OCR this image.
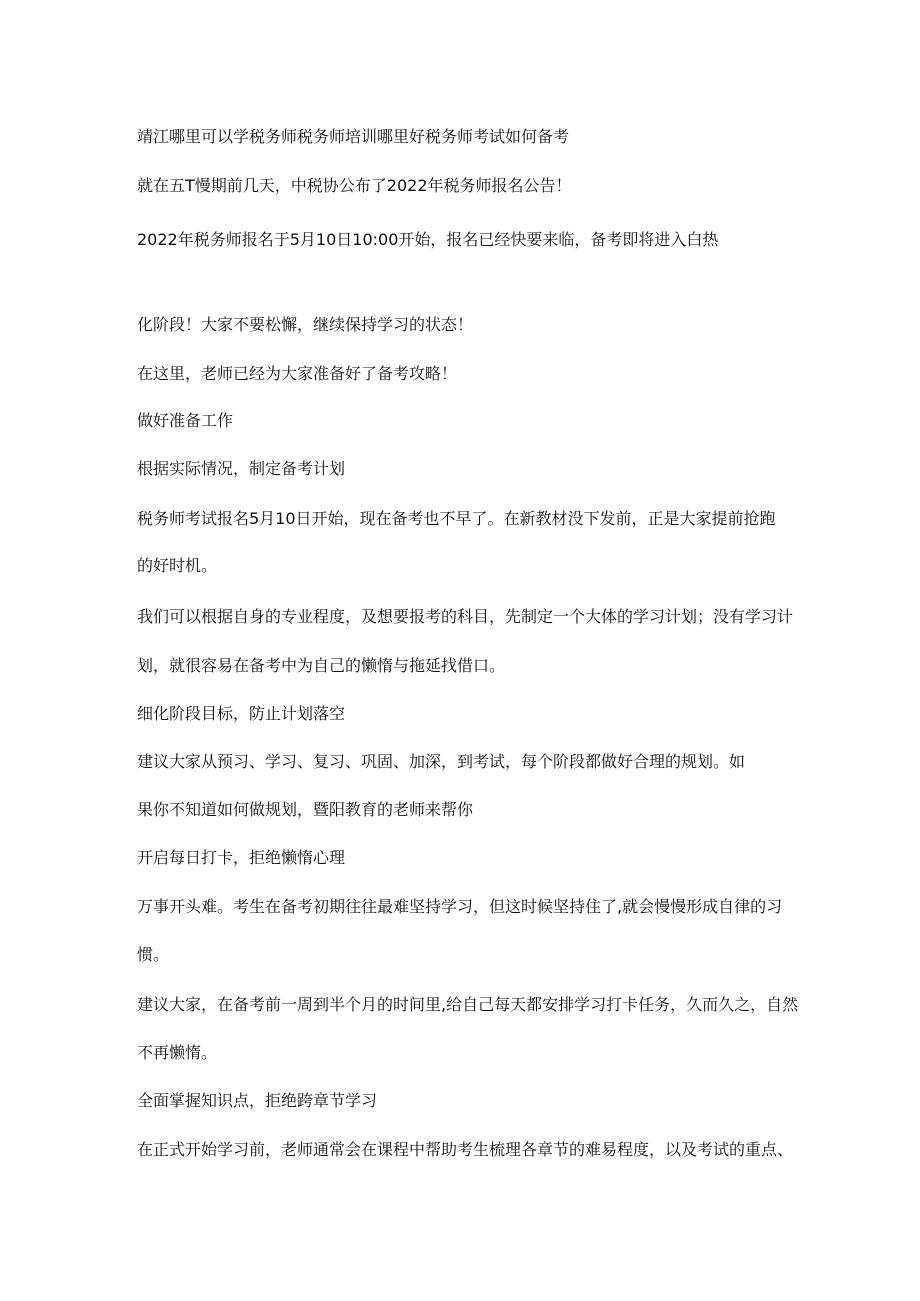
靖江哪里可以学税务师税务师培训哪里好税务师考试如何备考

就在五T慢期前几天，中税协公布了2022年税务师报名公告！

2022年税务师报名于5月10日10:00开始，报名已经快要来临，备考即将进入白热

化阶段！大家不要松懈，继续保持学习的状态！

在这里，老师已经为大家准备好了备考攻略！

做好准备工作

根据实际情况，制定备考计划

税务师考试报名5月10日开始，现在备考也不早了。在新教材没下发前，正是大家提前抢跑

的好时机。

我们可以根据自身的专业程度，及想要报考的科目，先制定一个大体的学习计划；没有学习计

划，就很容易在备考中为自己的懒惰与拖延找借口。

细化阶段目标，防止计划落空

建议大家从预习、学习、复习、巩固、加深，到考试，每个阶段都做好合理的规划。如

果你不知道如何做规划，暨阳教育的老师来帮你

开启每日打卡，拒绝懒惰心理

万事开头难。考生在备考初期往往最难坚持学习，但这时候坚持住了,就会慢慢形成自律的习

惯。

建议大家，在备考前一周到半个月的时间里,给自己每天都安排学习打卡任务，久而久之，自然

不再懒惰。

全面掌握知识点，拒绝跨章节学习

在正式开始学习前，老师通常会在课程中帮助考生梳理各章节的难易程度，以及考试的重点、
